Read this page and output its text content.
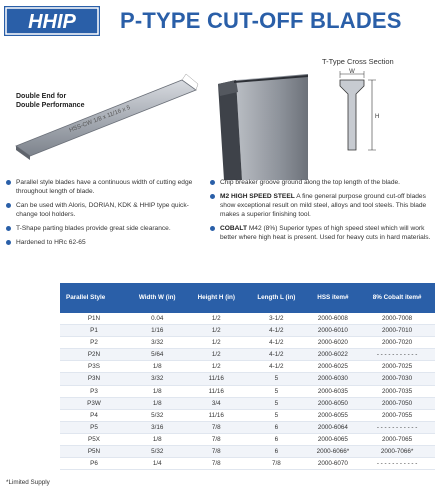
HHIP P-TYPE CUT-OFF BLADES
HSS-CW 1/8 x 11/16 x 5
Double End for
Double Performance
T-Type Cross Section
W
H
Parallel style blades have a continuous width of cutting edge throughout length of blade.
Can be used with Aloris, DORIAN, KDK & HHIP type quick-change tool holders.
T-Shape parting blades provide great side clearance.
Hardened to HRc 62-65
Chip breaker groove ground along the top length of the blade.
M2 HIGH SPEED STEEL A fine general purpose ground cut-off blades show exceptional result on mild steel, alloys and tool steels. This blade makes a superior finishing tool.
COBALT M42 (8%) Superior types of high speed steel which will work better where high heat is present. Used for heavy cuts in hard materials.
Parallel Style	Width W (in)	Height H (in)	Length L (in)	HSS item#	8% Cobalt item#
P1N	0.04	1/2	3-1/2	2000-6008	2000-7008
P1	1/16	1/2	4-1/2	2000-6010	2000-7010
P2	3/32	1/2	4-1/2	2000-6020	2000-7020
P2N	5/64	1/2	4-1/2	2000-6022	- - - - - - - - - - -
P3S	1/8	1/2	4-1/2	2000-6025	2000-7025
P3N	3/32	11/16	5	2000-6030	2000-7030
P3	1/8	11/16	5	2000-6035	2000-7035
P3W	1/8	3/4	5	2000-6050	2000-7050
P4	5/32	11/16	5	2000-6055	2000-7055
P5	3/16	7/8	6	2000-6064	- - - - - - - - - - -
P5X	1/8	7/8	6	2000-6065	2000-7065
P5N	5/32	7/8	6	2000-6066*	2000-7066*
P6	1/4	7/8	7/8	2000-6070	- - - - - - - - - - -
*Limited Supply
